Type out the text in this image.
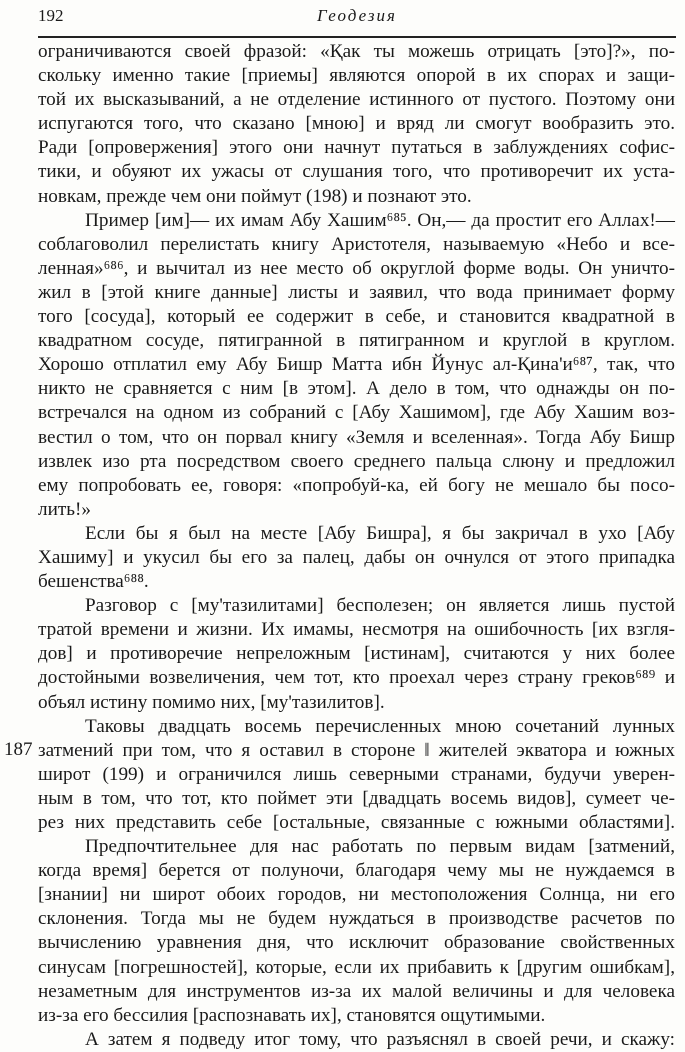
192	Геодезия
187
ограничиваются своей фразой: «Қак ты можешь отрицать [это]?», по-
скольку именно такие [приемы] являются опорой в их спорах и защи-
той их высказываний, а не отделение истинного от пустого. Поэтому они
испугаются того, что сказано [мною] и вряд ли смогут вообразить это.
Ради [опровержения] этого они начнут путаться в заблуждениях софис-
тики, и обуяют их ужасы от слушания того, что противоречит их уста-
новкам, прежде чем они поймут (198) и познают это.
Пример [им]— их имам Абу Хашим⁶⁸⁵. Он,— да простит его Аллах!—
соблаговолил перелистать книгу Аристотеля, называемую «Небо и все-
ленная»⁶⁸⁶, и вычитал из нее место об округлой форме воды. Он уничто-
жил в [этой книге данные] листы и заявил, что вода принимает форму
того [сосуда], который ее содержит в себе, и становится квадратной в
квадратном сосуде, пятигранной в пятигранном и круглой в круглом.
Хорошо отплатил ему Абу Бишр Матта ибн Йунус ал-Қина'и⁶⁸⁷, так, что
никто не сравняется с ним [в этом]. А дело в том, что однажды он по-
встречался на одном из собраний с [Абу Хашимом], где Абу Хашим воз-
вестил о том, что он порвал книгу «Земля и вселенная». Тогда Абу Бишр
извлек изо рта посредством своего среднего пальца слюну и предложил
ему попробовать ее, говоря: «попробуй-ка, ей богу не мешало бы посо-
лить!»
Если бы я был на месте [Абу Бишра], я бы закричал в ухо [Абу
Хашиму] и укусил бы его за палец, дабы он очнулся от этого припадка
бешенства⁶⁸⁸.
Разговор с [му'тазилитами] бесполезен; он является лишь пустой
тратой времени и жизни. Их имамы, несмотря на ошибочность [их взгля-
дов] и противоречие непреложным [истинам], считаются у них более
достойными возвеличения, чем тот, кто проехал через страну греков⁶⁸⁹ и
объял истину помимо них, [му'тазилитов].
Таковы двадцать восемь перечисленных мною сочетаний лунных
затмений при том, что я оставил в стороне ‖ жителей экватора и южных
широт (199) и ограничился лишь северными странами, будучи уверен-
ным в том, что тот, кто поймет эти [двадцать восемь видов], сумеет че-
рез них представить себе [остальные, связанные с южными областями].
Предпочтительнее для нас работать по первым видам [затмений,
когда время] берется от полуночи, благодаря чему мы не нуждаемся в
[знании] ни широт обоих городов, ни местоположения Солнца, ни его
склонения. Тогда мы не будем нуждаться в производстве расчетов по
вычислению уравнения дня, что исключит образование свойственных
синусам [погрешностей], которые, если их прибавить к [другим ошибкам],
незаметным для инструментов из-за их малой величины и для человека
из-за его бессилия [распознавать их], становятся ощутимыми.
А затем я подведу итог тому, что разъяснял в своей речи, и скажу:
